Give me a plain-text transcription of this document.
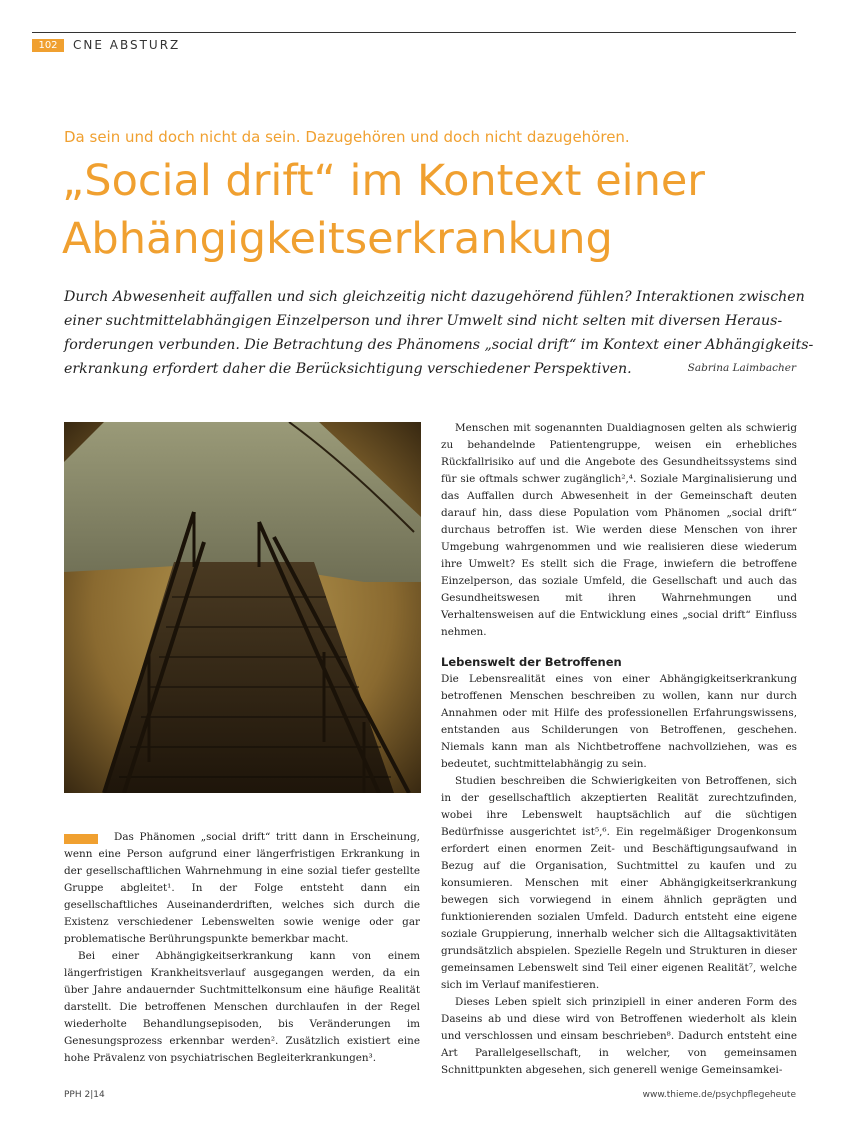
102	CNE ABSTURZ
Da sein und doch nicht da sein. Dazugehören und doch nicht dazugehören.
„Social drift“ im Kontext einer
Abhängigkeitserkrankung
Durch Abwesenheit auffallen und sich gleichzeitig nicht dazugehörend fühlen? Interaktionen zwischen
einer suchtmittelabhängigen Einzelperson und ihrer Umwelt sind nicht selten mit diversen Heraus-
forderungen verbunden. Die Betrachtung des Phänomens „social drift“ im Kontext einer Abhängigkeits-
erkrankung erfordert daher die Berücksichtigung verschiedener Perspektiven.	Sabrina Laimbacher

Das Phänomen „social drift“ tritt dann in Erscheinung, wenn eine Person aufgrund einer längerfristigen Erkrankung in der gesellschaftlichen Wahrnehmung in eine sozial tiefer gestellte Gruppe abgleitet¹. In der Folge entsteht dann ein gesellschaftliches Auseinanderdriften, welches sich durch die Existenz verschiedener Lebenswelten sowie wenige oder gar problematische Berührungspunkte bemerkbar macht.

Bei einer Abhängigkeitserkrankung kann von einem längerfristigen Krankheitsverlauf ausgegangen werden, da ein über Jahre andauernder Suchtmittelkonsum eine häufige Realität darstellt. Die betroffenen Menschen durchlaufen in der Regel wiederholte Behandlungsepisoden, bis Veränderungen im Genesungsprozess erkennbar werden². Zusätzlich existiert eine hohe Prävalenz von psychiatrischen Begleiterkrankungen³.

Menschen mit sogenannten Dualdiagnosen gelten als schwierig zu behandelnde Patientengruppe, weisen ein erhebliches Rückfallrisiko auf und die Angebote des Gesundheitssystems sind für sie oftmals schwer zugänglich²,⁴. Soziale Marginalisierung und das Auffallen durch Abwesenheit in der Gemeinschaft deuten darauf hin, dass diese Population vom Phänomen „social drift“ durchaus betroffen ist. Wie werden diese Menschen von ihrer Umgebung wahrgenommen und wie realisieren diese wiederum ihre Umwelt? Es stellt sich die Frage, inwiefern die betroffene Einzelperson, das soziale Umfeld, die Gesellschaft und auch das Gesundheitswesen mit ihren Wahrnehmungen und Verhaltensweisen auf die Entwicklung eines „social drift“ Einfluss nehmen.

Lebenswelt der Betroffenen

Die Lebensrealität eines von einer Abhängigkeitserkrankung betroffenen Menschen beschreiben zu wollen, kann nur durch Annahmen oder mit Hilfe des professionellen Erfahrungswissens, entstanden aus Schilderungen von Betroffenen, geschehen. Niemals kann man als Nichtbetroffene nachvollziehen, was es bedeutet, suchtmittelabhängig zu sein.

Studien beschreiben die Schwierigkeiten von Betroffenen, sich in der gesellschaftlich akzeptierten Realität zurechtzufinden, wobei ihre Lebenswelt hauptsächlich auf die süchtigen Bedürfnisse ausgerichtet ist⁵,⁶. Ein regelmäßiger Drogenkonsum erfordert einen enormen Zeit- und Beschäftigungsaufwand in Bezug auf die Organisation, Suchtmittel zu kaufen und zu konsumieren. Menschen mit einer Abhängigkeitserkrankung bewegen sich vorwiegend in einem ähnlich geprägten und funktionierenden sozialen Umfeld. Dadurch entsteht eine eigene soziale Gruppierung, innerhalb welcher sich die Alltagsaktivitäten grundsätzlich abspielen. Spezielle Regeln und Strukturen in dieser gemeinsamen Lebenswelt sind Teil einer eigenen Realität⁷, welche sich im Verlauf manifestieren.

Dieses Leben spielt sich prinzipiell in einer anderen Form des Daseins ab und diese wird von Betroffenen wiederholt als klein und verschlossen und einsam beschrieben⁸. Dadurch entsteht eine Art Parallelgesellschaft, in welcher, von gemeinsamen Schnittpunkten abgesehen, sich generell wenige Gemeinsamkei-

PPH 2|14	www.thieme.de/psychpflegeheute
